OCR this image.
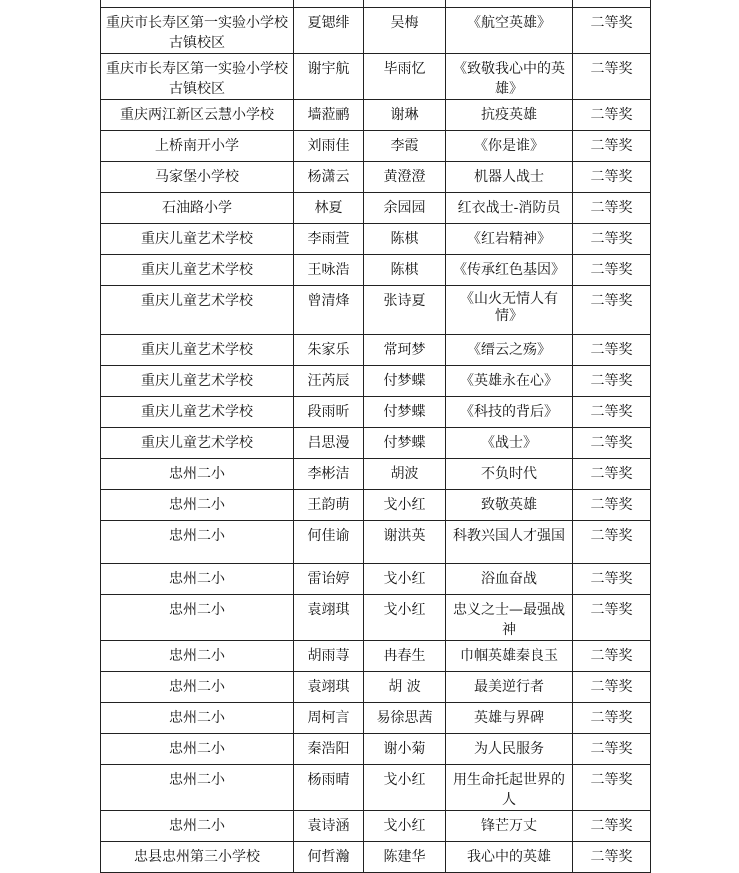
重庆市长寿区第一实验小学校古镇校区	夏锶绯	吴梅	《航空英雄》	二等奖
重庆市长寿区第一实验小学校古镇校区	谢宇航	毕雨忆	《致敬我心中的英雄》	二等奖
重庆两江新区云慧小学校	墙蒞鹂	谢琳	抗疫英雄	二等奖
上桥南开小学	刘雨佳	李霞	《你是谁》	二等奖
马家堡小学校	杨潇云	黄澄澄	机器人战士	二等奖
石油路小学	林夏	余园园	红衣战士-消防员	二等奖
重庆儿童艺术学校	李雨萱	陈棋	《红岩精神》	二等奖
重庆儿童艺术学校	王咏浩	陈棋	《传承红色基因》	二等奖
重庆儿童艺术学校	曾清烽	张诗夏	《山火无情人有情》	二等奖
重庆儿童艺术学校	朱家乐	常珂梦	《缙云之殇》	二等奖
重庆儿童艺术学校	汪芮辰	付梦蝶	《英雄永在心》	二等奖
重庆儿童艺术学校	段雨昕	付梦蝶	《科技的背后》	二等奖
重庆儿童艺术学校	吕思漫	付梦蝶	《战士》	二等奖
忠州二小	李彬洁	胡波	不负时代	二等奖
忠州二小	王韵萌	戈小红	致敬英雄	二等奖
忠州二小	何佳谕	谢洪英	科教兴国人才强国	二等奖
忠州二小	雷诒婷	戈小红	浴血奋战	二等奖
忠州二小	袁翊琪	戈小红	忠义之士—最强战神	二等奖
忠州二小	胡雨荨	冉春生	巾帼英雄秦良玉	二等奖
忠州二小	袁翊琪	胡 波	最美逆行者	二等奖
忠州二小	周柯言	易徐思茜	英雄与界碑	二等奖
忠州二小	秦浩阳	谢小菊	为人民服务	二等奖
忠州二小	杨雨晴	戈小红	用生命托起世界的人	二等奖
忠州二小	袁诗涵	戈小红	锋芒万丈	二等奖
忠县忠州第三小学校	何哲瀚	陈建华	我心中的英雄	二等奖
